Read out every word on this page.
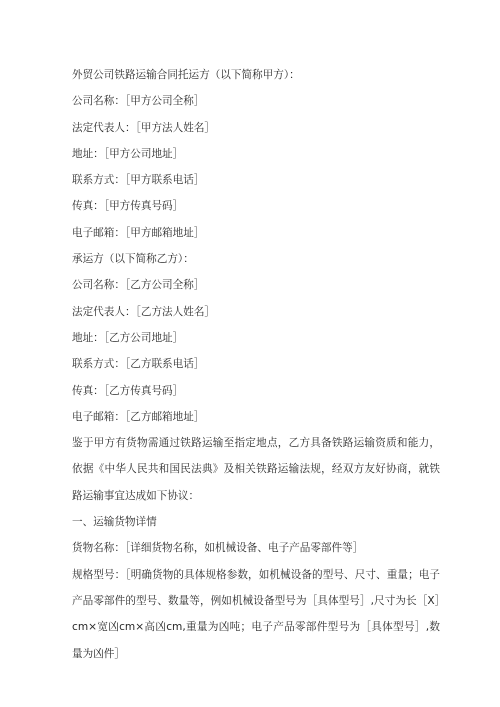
外贸公司铁路运输合同托运方（以下简称甲方）：

公司名称：［甲方公司全称］

法定代表人：［甲方法人姓名］

地址：［甲方公司地址］

联系方式：［甲方联系电话］

传真：［甲方传真号码］

电子邮箱：［甲方邮箱地址］

承运方（以下简称乙方）：

公司名称：［乙方公司全称］

法定代表人：［乙方法人姓名］

地址：［乙方公司地址］

联系方式：［乙方联系电话］

传真：［乙方传真号码］

电子邮箱：［乙方邮箱地址］

鉴于甲方有货物需通过铁路运输至指定地点，乙方具备铁路运输资质和能力，依据《中华人民共和国民法典》及相关铁路运输法规，经双方友好协商，就铁路运输事宜达成如下协议：

一、运输货物详情

货物名称：［详细货物名称，如机械设备、电子产品零部件等］

规格型号：［明确货物的具体规格参数，如机械设备的型号、尺寸、重量；电子产品零部件的型号、数量等，例如机械设备型号为［具体型号］,尺寸为长［X］cm×宽凶cm×高凶cm,重量为凶吨；电子产品零部件型号为［具体型号］,数量为凶件］
